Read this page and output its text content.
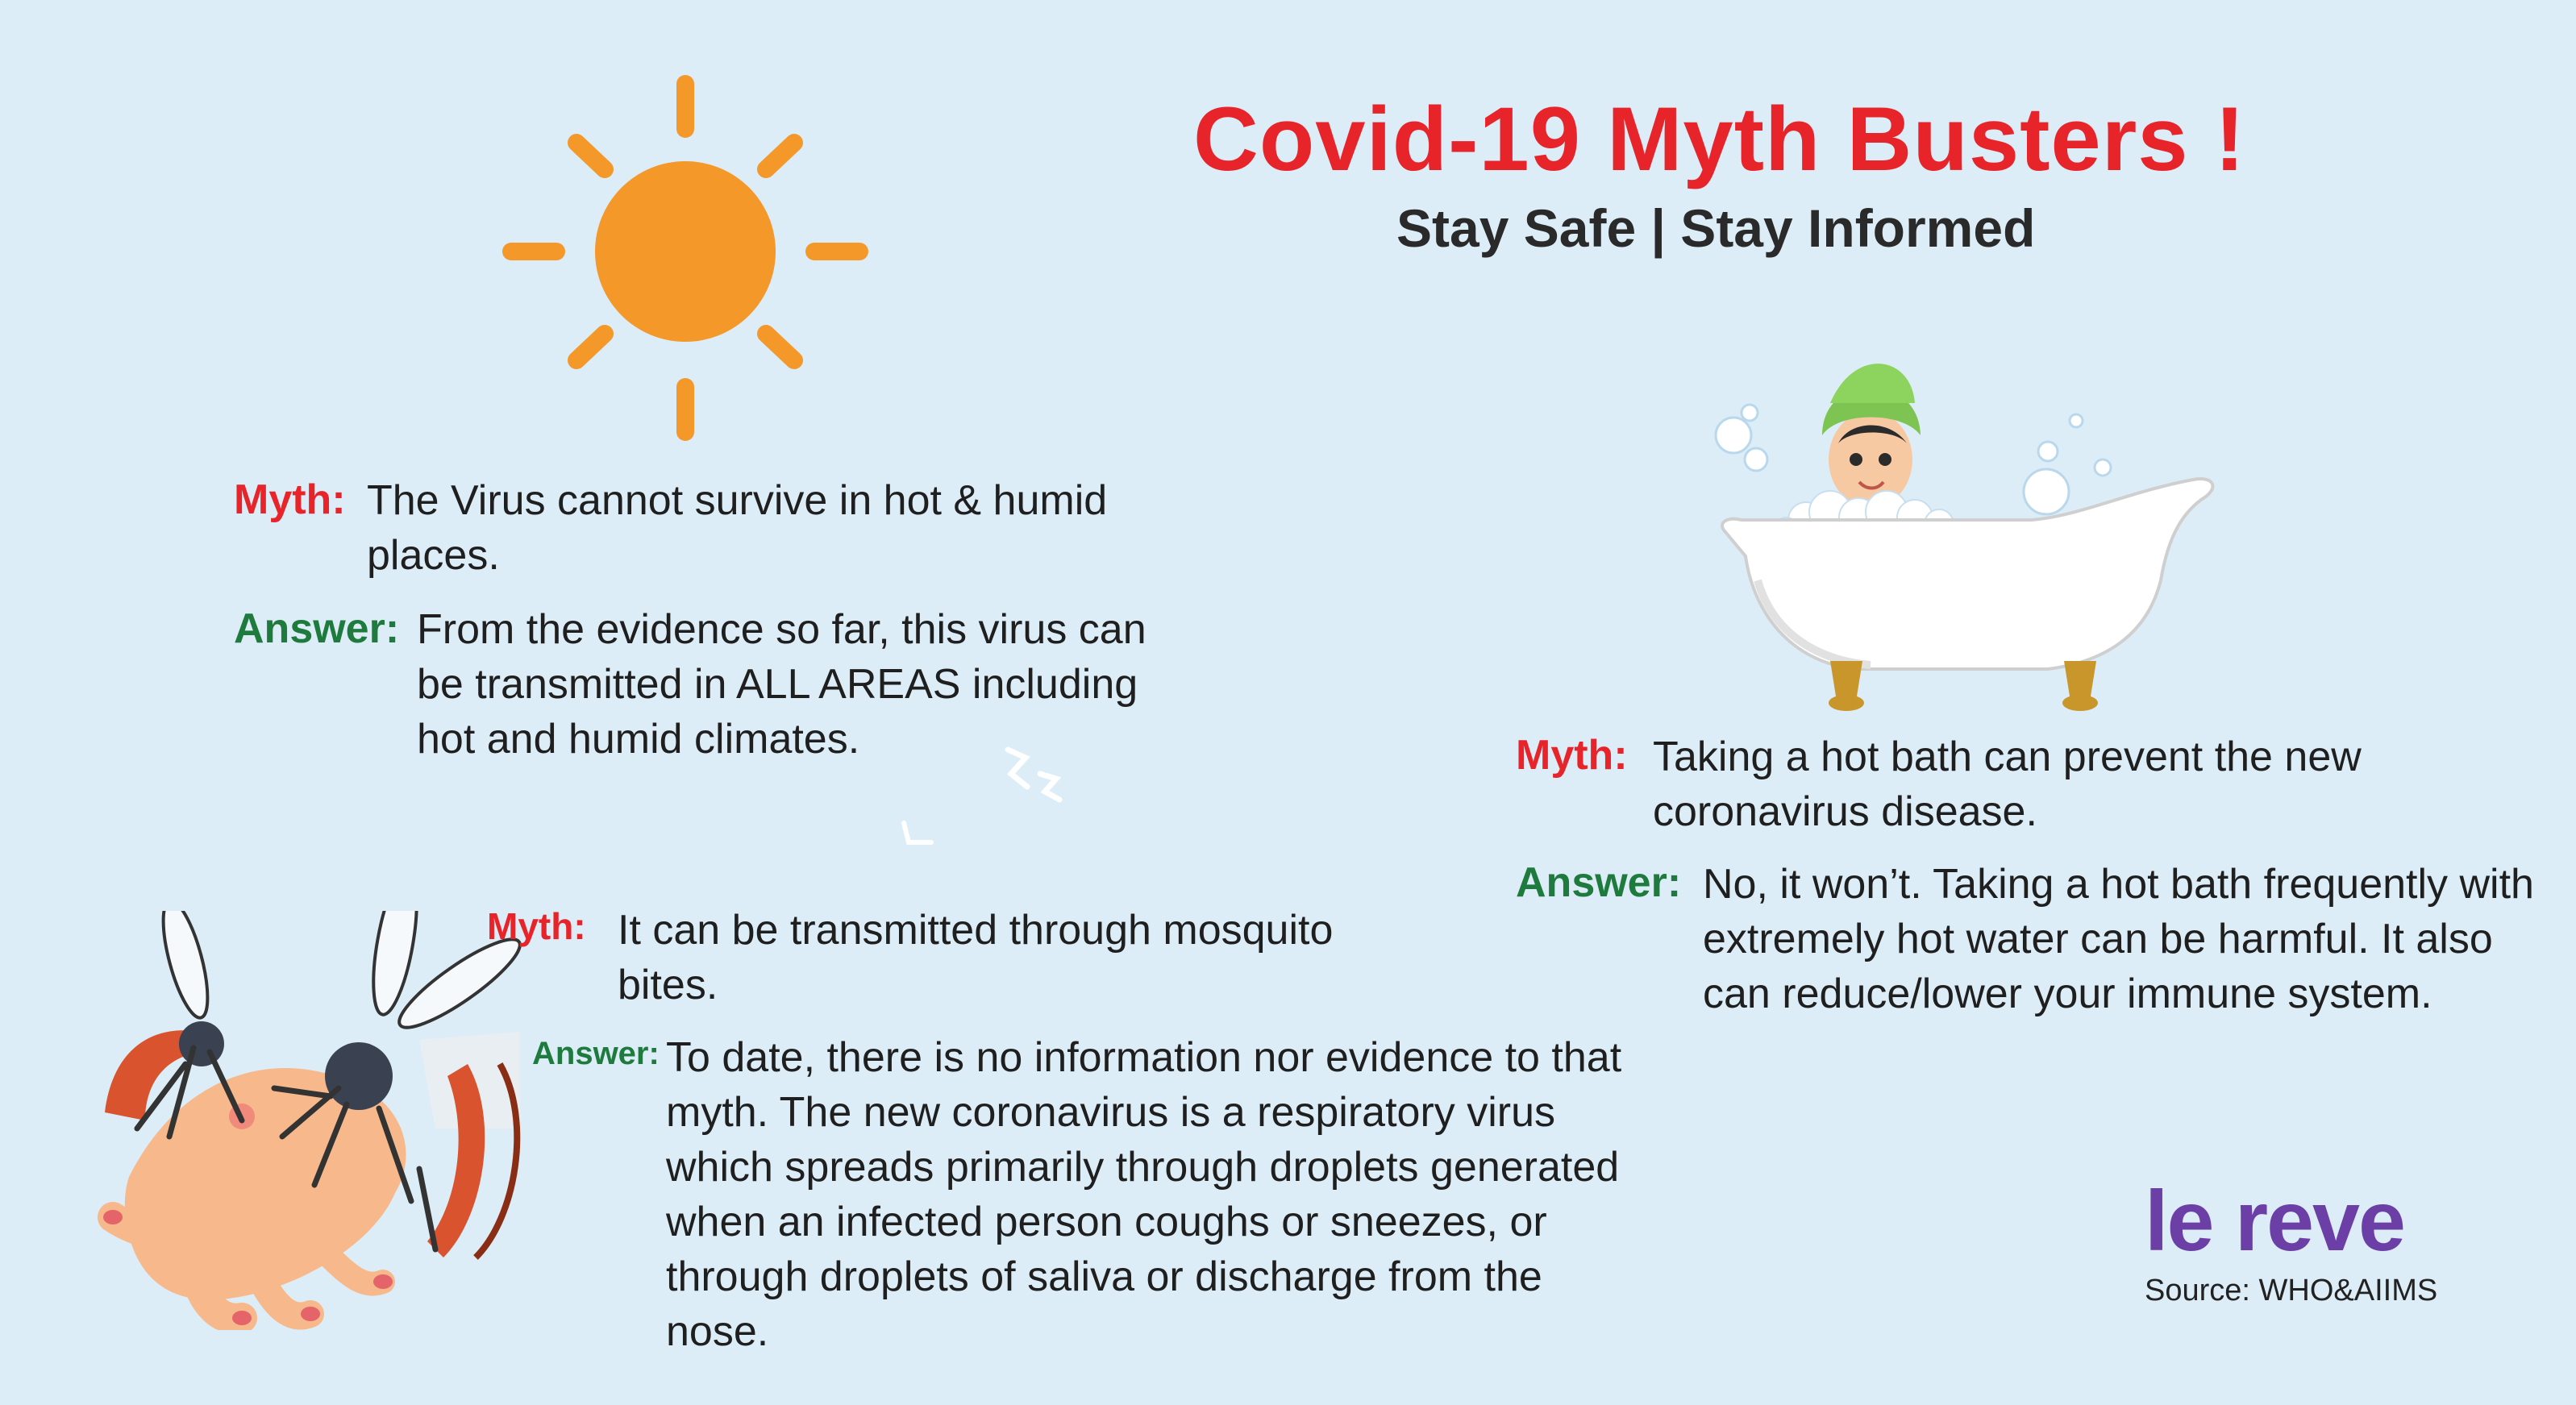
Covid-19 Myth Busters !
Stay Safe | Stay Informed
Myth: The Virus cannot survive in hot & humid places.
Answer: From the evidence so far, this virus can be transmitted in ALL AREAS including hot and humid climates.
Myth: It can be transmitted through mosquito bites.
Answer: To date, there is no information nor evidence to that myth. The new coronavirus is a respiratory virus which spreads primarily through droplets generated when an infected person coughs or sneezes, or through droplets of saliva or discharge from the nose.
Myth: Taking a hot bath can prevent the new coronavirus disease.
Answer: No, it won’t. Taking a hot bath frequently with extremely hot water can be harmful. It also can reduce/lower your immune system.
le reve
Source: WHO&AIIMS
